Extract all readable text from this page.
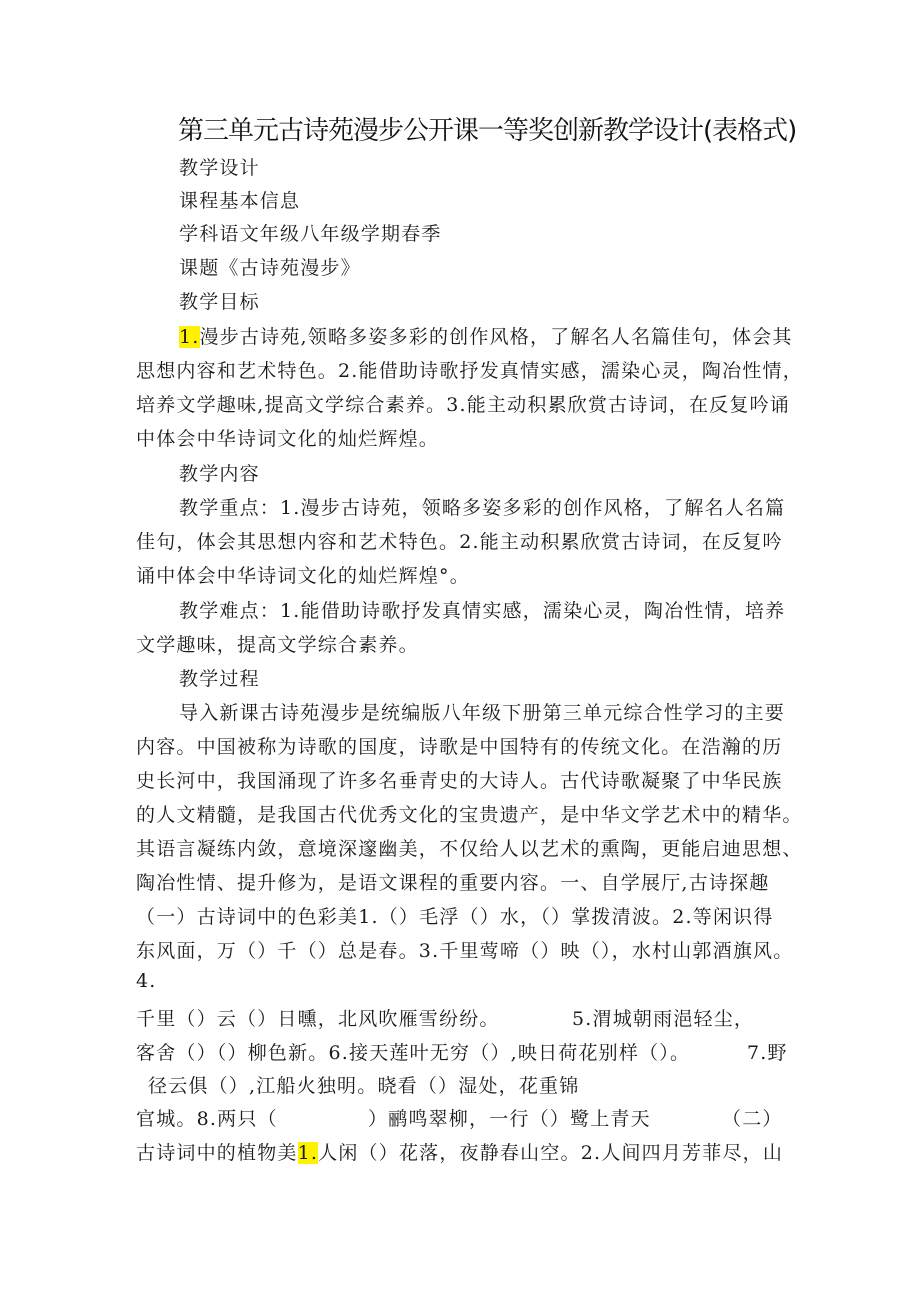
第三单元古诗苑漫步公开课一等奖创新教学设计(表格式)
教学设计
课程基本信息
学科语文年级八年级学期春季
课题《古诗苑漫步》
教学目标
1.漫步古诗苑,领略多姿多彩的创作风格，了解名人名篇佳句，体会其
思想内容和艺术特色。2.能借助诗歌抒发真情实感，濡染心灵，陶冶性情，
培养文学趣味,提高文学综合素养。3.能主动积累欣赏古诗词，在反复吟诵
中体会中华诗词文化的灿烂辉煌。
教学内容
教学重点：1.漫步古诗苑，领略多姿多彩的创作风格，了解名人名篇
佳句，体会其思想内容和艺术特色。2.能主动积累欣赏古诗词，在反复吟
诵中体会中华诗词文化的灿烂辉煌°。
教学难点：1.能借助诗歌抒发真情实感，濡染心灵，陶冶性情，培养
文学趣味，提高文学综合素养。
教学过程
导入新课古诗苑漫步是统编版八年级下册第三单元综合性学习的主要
内容。中国被称为诗歌的国度，诗歌是中国特有的传统文化。在浩瀚的历
史长河中，我国涌现了许多名垂青史的大诗人。古代诗歌凝聚了中华民族
的人文精髓，是我国古代优秀文化的宝贵遗产，是中华文学艺术中的精华。
其语言凝练内敛，意境深邃幽美，不仅给人以艺术的熏陶，更能启迪思想、
陶冶性情、提升修为，是语文课程的重要内容。一、自学展厅,古诗探趣
（一）古诗词中的色彩美1.（）毛浮（）水，（）掌拨清波。2.等闲识得
东风面，万（）千（）总是春。3.千里莺啼（）映（），水村山郭酒旗风。
4.
千里（）云（）日曛，北风吹雁雪纷纷。	5.渭城朝雨浥轻尘，
客舍（）（）柳色新。6.接天莲叶无穷（）,映日荷花别样（）。	7.野
径云俱（）,江船火独明。晓看（）湿处，花重锦
官城。8.两只（	）鹂鸣翠柳，一行（）鹭上青天	（二）
古诗词中的植物美1.人闲（）花落，夜静春山空。2.人间四月芳菲尽，山
